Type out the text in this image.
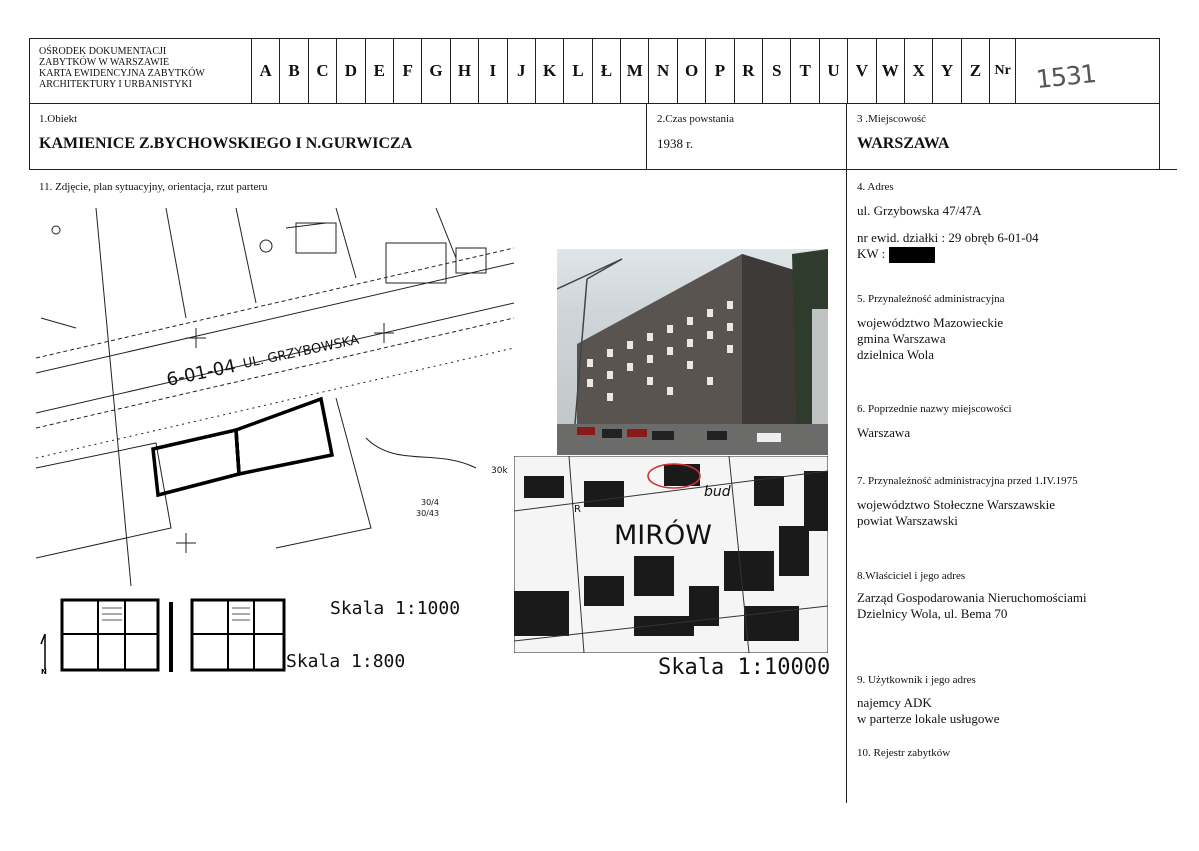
OŚRODEK DOKUMENTACJI
ZABYTKÓW W WARSZAWIE
KARTA EWIDENCYJNA ZABYTKÓW
ARCHITEKTURY I URBANISTYKI
A B C D E	F G H	I	J	K L	Ł M N O P	R	S	T U V W X Y Z Nr 1531
1.Obiekt
KAMIENICE Z.BYCHOWSKIEGO I N.GURWICZA
2.Czas powstania
1938 r.
3 .Miejscowość
WARSZAWA
11. Zdjęcie, plan sytuacyjny, orientacja, rzut parteru	4. Adres
ul. Grzybowska 47/47A
nr ewid. działki : 29 obręb 6-01-04
KW :
5. Przynależność administracyjna
województwo Mazowieckie
gmina Warszawa
dzielnica Wola
6. Poprzednie nazwy miejscowości
Warszawa
7. Przynależność administracyjna przed 1.IV.1975
województwo Stołeczne Warszawskie
powiat Warszawski
8.Właściciel i jego adres
Zarząd Gospodarowania Nieruchomościami
Dzielnicy Wola, ul. Bema 70
9. Użytkownik i jego adres
najemcy ADK
w parterze lokale usługowe
10. Rejestr zabytków
6-01-04
UL. GRZYBOWSKA
30/4
30/43
30k
N
Skala 1:1000
Skala 1:800
MIRÓW
bud
R
Skala 1:10000
